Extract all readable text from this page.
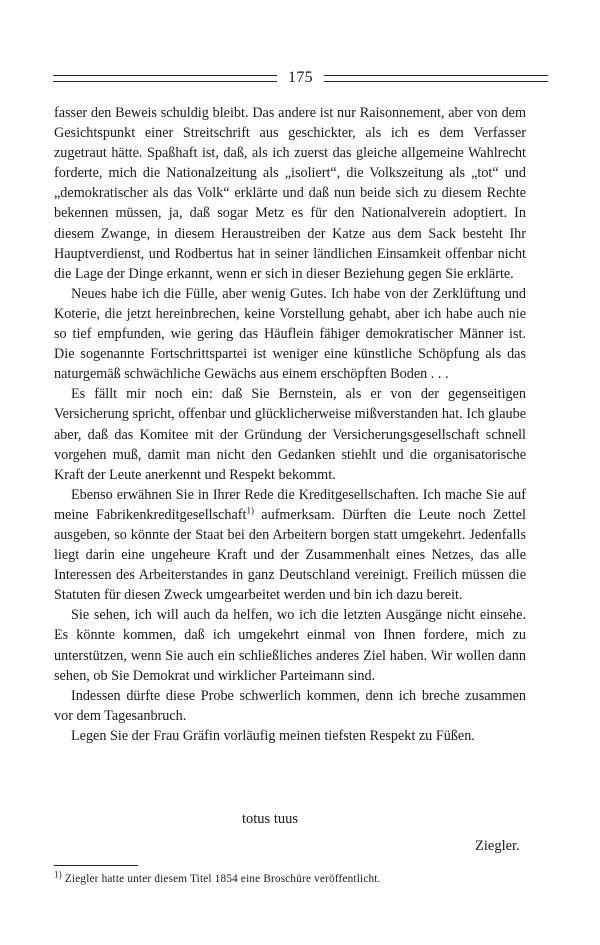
175

fasser den Beweis schuldig bleibt. Das andere ist nur Raisonnement, aber von dem Gesichtspunkt einer Streitschrift aus geschickter, als ich es dem Verfasser zugetraut hätte. Spaßhaft ist, daß, als ich zuerst das gleiche allgemeine Wahlrecht forderte, mich die Nationalzeitung als „isoliert“, die Volkszeitung als „tot“ und „demokratischer als das Volk“ erklärte und daß nun beide sich zu diesem Rechte bekennen müssen, ja, daß sogar Metz es für den Nationalverein adoptiert. In diesem Zwange, in diesem Heraustreiben der Katze aus dem Sack besteht Ihr Hauptverdienst, und Rodbertus hat in seiner ländlichen Einsamkeit offenbar nicht die Lage der Dinge erkannt, wenn er sich in dieser Beziehung gegen Sie erklärte.

Neues habe ich die Fülle, aber wenig Gutes. Ich habe von der Zerklüftung und Koterie, die jetzt hereinbrechen, keine Vorstellung gehabt, aber ich habe auch nie so tief empfunden, wie gering das Häuflein fähiger demokratischer Männer ist. Die sogenannte Fortschrittspartei ist weniger eine künstliche Schöpfung als das naturgemäß schwächliche Gewächs aus einem erschöpften Boden . . .

Es fällt mir noch ein: daß Sie Bernstein, als er von der gegenseitigen Versicherung spricht, offenbar und glücklicherweise mißverstanden hat. Ich glaube aber, daß das Komitee mit der Gründung der Versicherungsgesellschaft schnell vorgehen muß, damit man nicht den Gedanken stiehlt und die organisatorische Kraft der Leute anerkennt und Respekt bekommt.

Ebenso erwähnen Sie in Ihrer Rede die Kreditgesellschaften. Ich mache Sie auf meine Fabrikenkreditgesellschaft$^{1)}$ aufmerksam. Dürften die Leute noch Zettel ausgeben, so könnte der Staat bei den Arbeitern borgen statt umgekehrt. Jedenfalls liegt darin eine ungeheure Kraft und der Zusammenhalt eines Netzes, das alle Interessen des Arbeiterstandes in ganz Deutschland vereinigt. Freilich müssen die Statuten für diesen Zweck umgearbeitet werden und bin ich dazu bereit.

Sie sehen, ich will auch da helfen, wo ich die letzten Ausgänge nicht einsehe. Es könnte kommen, daß ich umgekehrt einmal von Ihnen fordere, mich zu unterstützen, wenn Sie auch ein schließliches anderes Ziel haben. Wir wollen dann sehen, ob Sie Demokrat und wirklicher Parteimann sind.

Indessen dürfte diese Probe schwerlich kommen, denn ich breche zusammen vor dem Tagesanbruch.

Legen Sie der Frau Gräfin vorläufig meinen tiefsten Respekt zu Füßen.

totus tuus
Ziegler.
$^{1)}$ Ziegler hatte unter diesem Titel 1854 eine Broschüre veröffentlicht.
